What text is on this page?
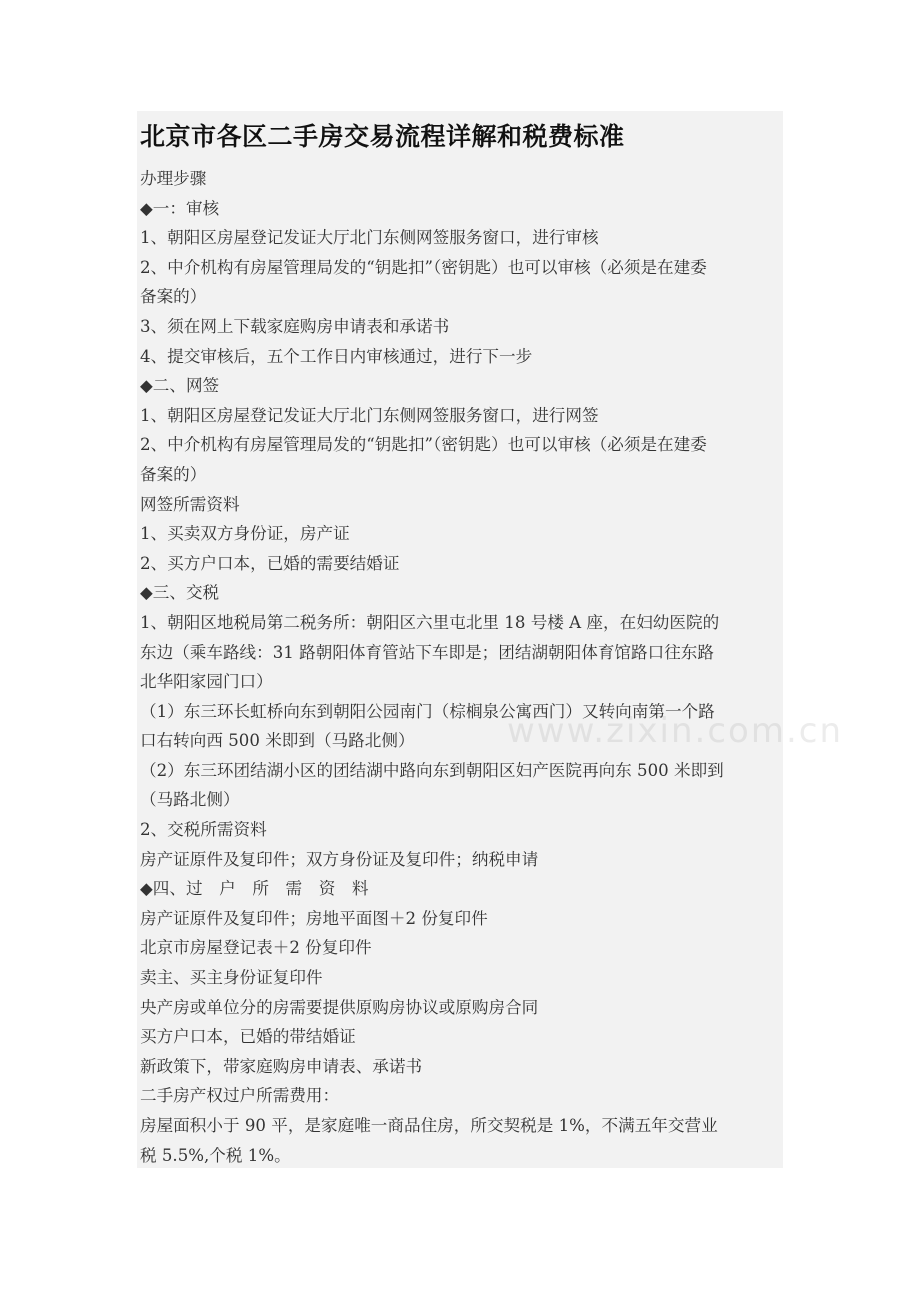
北京市各区二手房交易流程详解和税费标准
办理步骤
◆一：审核
1、朝阳区房屋登记发证大厅北门东侧网签服务窗口，进行审核
2、中介机构有房屋管理局发的“钥匙扣”（密钥匙）也可以审核（必须是在建委
备案的）
3、须在网上下载家庭购房申请表和承诺书
4、提交审核后，五个工作日内审核通过，进行下一步
◆二、网签
1、朝阳区房屋登记发证大厅北门东侧网签服务窗口，进行网签
2、中介机构有房屋管理局发的“钥匙扣”（密钥匙）也可以审核（必须是在建委
备案的）
网签所需资料
1、买卖双方身份证，房产证
2、买方户口本，已婚的需要结婚证
◆三、交税
1、朝阳区地税局第二税务所：朝阳区六里屯北里 18 号楼 A 座，在妇幼医院的
东边（乘车路线：31 路朝阳体育管站下车即是；团结湖朝阳体育馆路口往东路
北华阳家园门口）
（1）东三环长虹桥向东到朝阳公园南门（棕榈泉公寓西门）又转向南第一个路
口右转向西 500 米即到（马路北侧）
（2）东三环团结湖小区的团结湖中路向东到朝阳区妇产医院再向东 500 米即到
（马路北侧）
2、交税所需资料
房产证原件及复印件；双方身份证及复印件；纳税申请
◆四、过　户　所　需　资　料
房产证原件及复印件；房地平面图＋2 份复印件
北京市房屋登记表＋2 份复印件
卖主、买主身份证复印件
央产房或单位分的房需要提供原购房协议或原购房合同
买方户口本，已婚的带结婚证
新政策下，带家庭购房申请表、承诺书
二手房产权过户所需费用：
房屋面积小于 90 平，是家庭唯一商品住房，所交契税是 1%，不满五年交营业
税 5.5%,个税 1%。
www.zixin.com.cn
